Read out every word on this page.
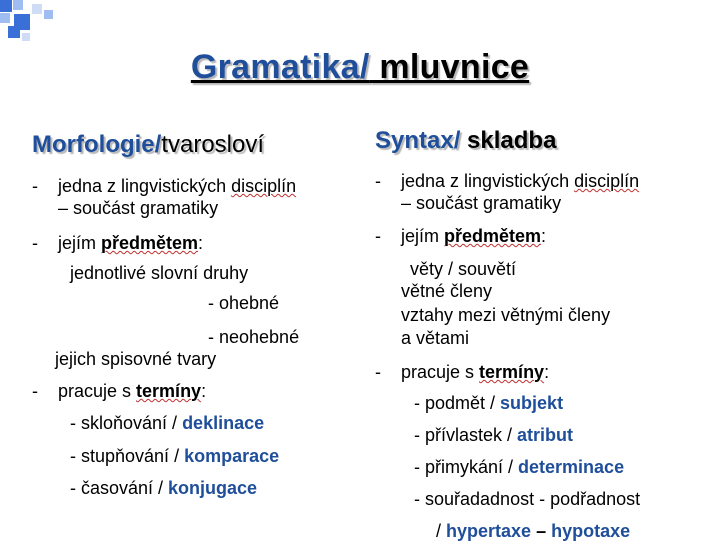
Gramatika/ mluvnice
Morfologie/tvarosloví
- jedna z lingvistických disciplín
– součást gramatiky
- jejím předmětem:
jednotlivé slovní druhy
- ohebné
- neohebné
jejich spisovné tvary
- pracuje s termíny:
- skloňování / deklinace
- stupňování / komparace
- časování / konjugace
Syntax/ skladba
- jedna z lingvistických disciplín
– součást gramatiky
- jejím předmětem:
věty / souvětí
větné členy
vztahy mezi větnými členy
a větami
- pracuje s termíny:
- podmět / subjekt
- přívlastek / atribut
- přimykání / determinace
- souřadadnost - podřadnost
/ hypertaxe – hypotaxe
